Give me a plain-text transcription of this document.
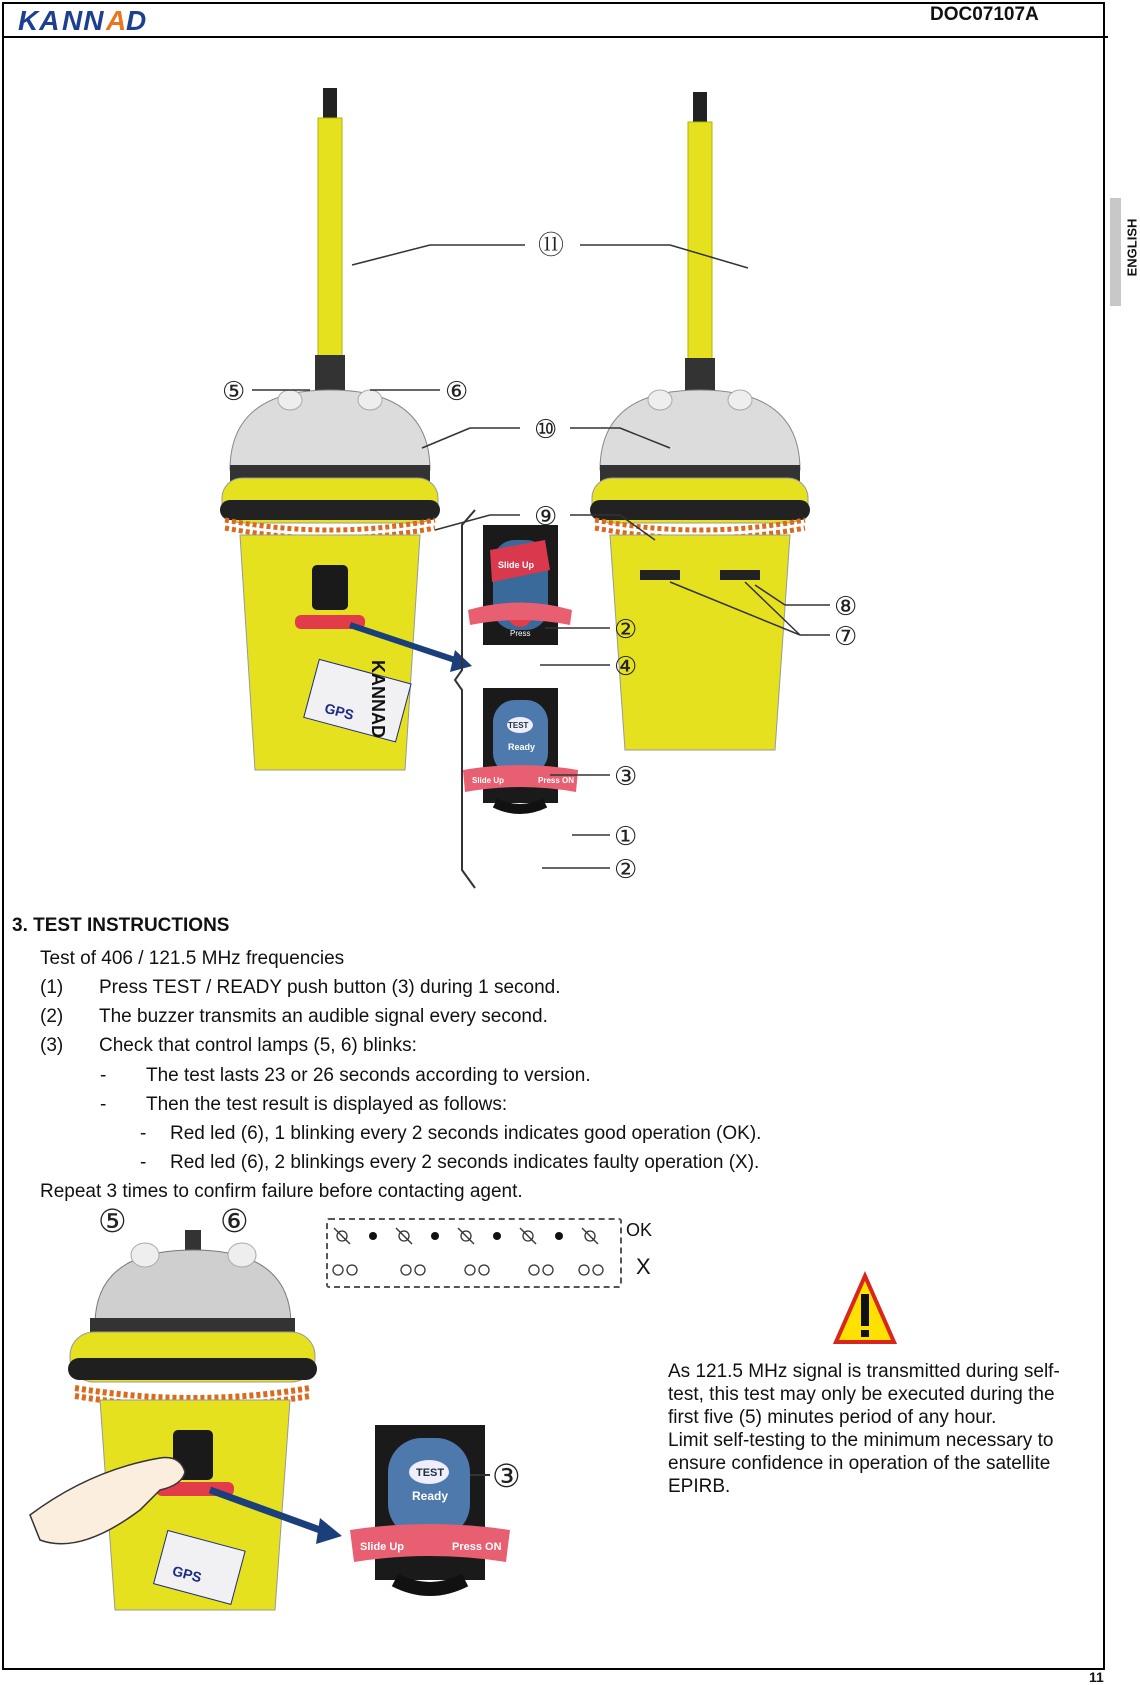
KA NN A
D	DOC07107A
ENGLISH
GPS KANNAD
Press
Slide Up
TEST
Ready
Slide Up	Press ON
⑪
⑤	⑥
⑩
⑨
②
④
③
①
②
⑧
⑦
3. TEST INSTRUCTIONS
Test of 406 / 121.5 MHz frequencies
(1) Press TEST / READY push button (3) during 1 second.
(2) The buzzer transmits an audible signal every second.
(3) Check that control lamps (5, 6) blinks:
- The test lasts 23 or 26 seconds according to version.
- Then the test result is displayed as follows:
- Red led (6), 1 blinking every 2 seconds indicates good operation (OK).
- Red led (6), 2 blinkings every 2 seconds indicates faulty operation (X).
Repeat 3 times to confirm failure before contacting agent.
OK
X
⑤	⑥
GPS
TEST
Ready
Slide Up	Press ON
③

As 121.5 MHz signal is transmitted during self-test, this test may only be executed during the first five (5) minutes period of any hour.

Limit self-testing to the minimum necessary to ensure confidence in operation of the satellite EPIRB.

11
